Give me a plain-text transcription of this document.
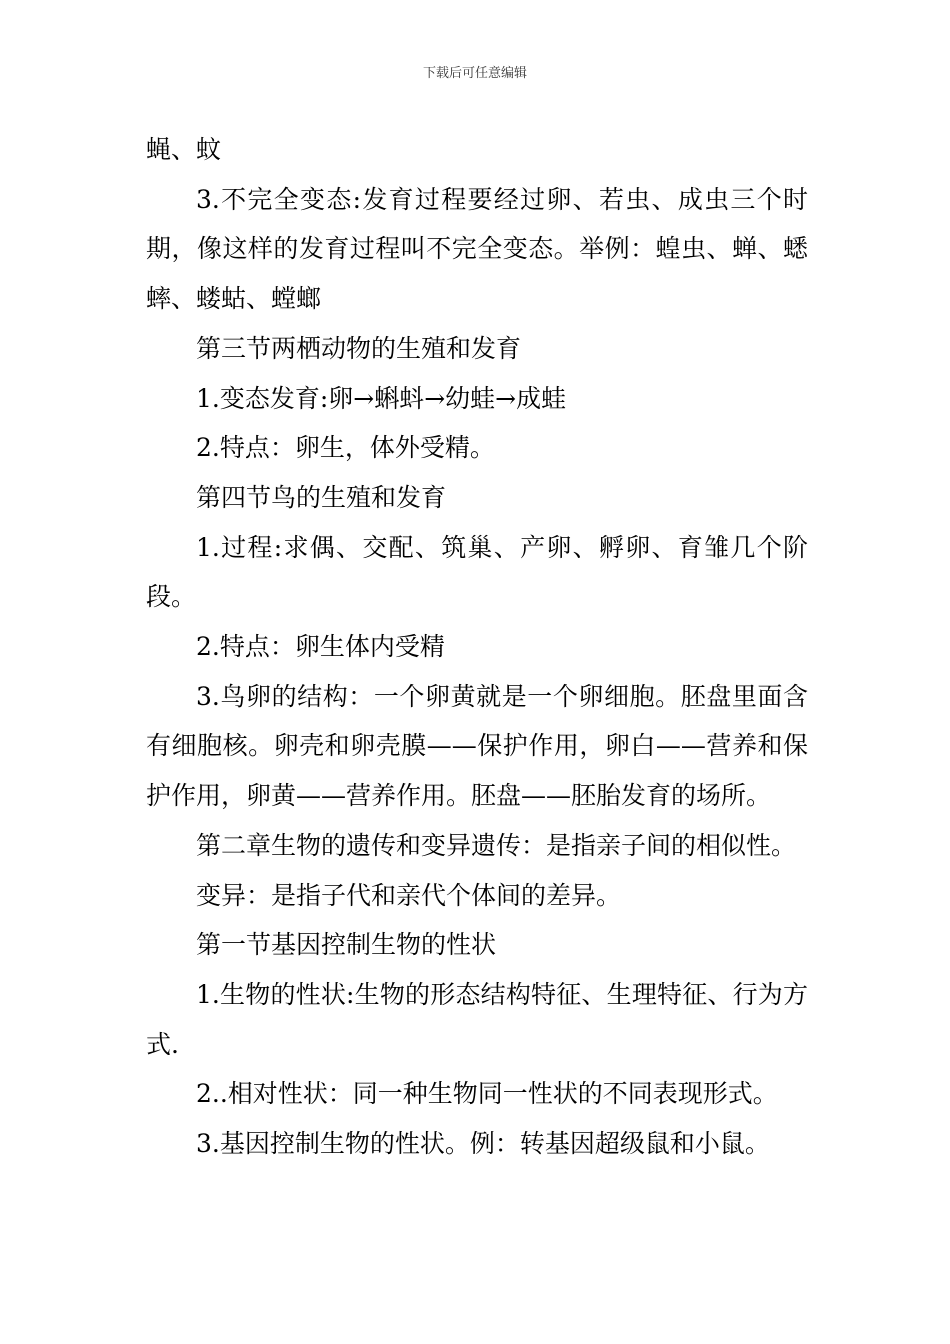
下载后可任意编辑

蝇、蚊

3.不完全变态:发育过程要经过卵、若虫、成虫三个时期，像这样的发育过程叫不完全变态。举例：蝗虫、蝉、蟋蟀、蝼蛄、螳螂

第三节两栖动物的生殖和发育

1.变态发育:卵→蝌蚪→幼蛙→成蛙

2.特点：卵生，体外受精。

第四节鸟的生殖和发育

1.过程:求偶、交配、筑巢、产卵、孵卵、育雏几个阶段。

2.特点：卵生体内受精

3.鸟卵的结构：一个卵黄就是一个卵细胞。胚盘里面含有细胞核。卵壳和卵壳膜——保护作用，卵白——营养和保护作用，卵黄——营养作用。胚盘——胚胎发育的场所。

第二章生物的遗传和变异遗传：是指亲子间的相似性。

变异：是指子代和亲代个体间的差异。

第一节基因控制生物的性状

1.生物的性状:生物的形态结构特征、生理特征、行为方式.

2..相对性状：同一种生物同一性状的不同表现形式。

3.基因控制生物的性状。例：转基因超级鼠和小鼠。
